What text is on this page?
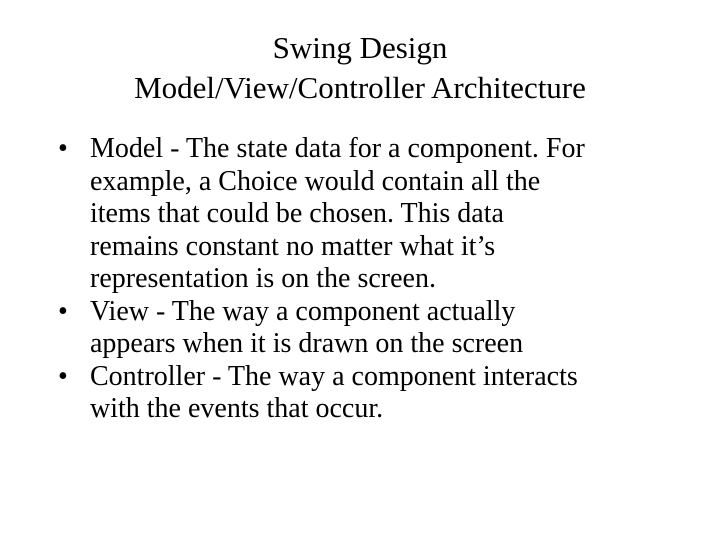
Swing Design
Model/View/Controller Architecture
• Model - The state data for a component. For
example, a Choice would contain all the
items that could be chosen. This data
remains constant no matter what it’s
representation is on the screen.
• View - The way a component actually
appears when it is drawn on the screen
• Controller - The way a component interacts
with the events that occur.
